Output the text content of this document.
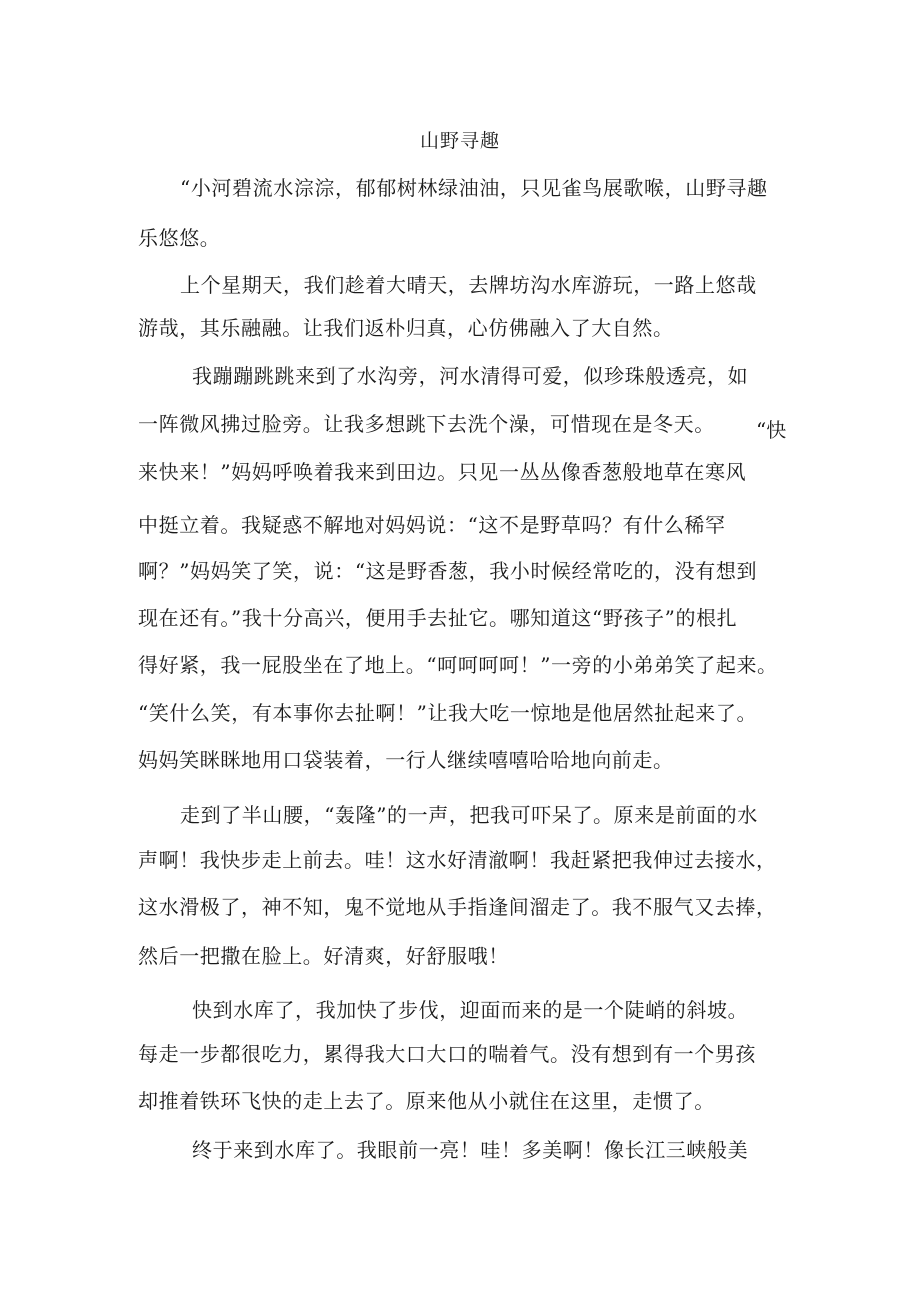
山野寻趣
“小河碧流水淙淙，郁郁树林绿油油，只见雀鸟展歌喉，山野寻趣
乐悠悠。
上个星期天，我们趁着大晴天，去牌坊沟水库游玩，一路上悠哉
游哉，其乐融融。让我们返朴归真，心仿佛融入了大自然。
我蹦蹦跳跳来到了水沟旁，河水清得可爱，似珍珠般透亮，如
一阵微风拂过脸旁。让我多想跳下去洗个澡，可惜现在是冬天。 “快
来快来！”妈妈呼唤着我来到田边。只见一丛丛像香葱般地草在寒风
中挺立着。我疑惑不解地对妈妈说：“这不是野草吗？有什么稀罕
啊？”妈妈笑了笑，说：“这是野香葱，我小时候经常吃的，没有想到
现在还有。”我十分高兴，便用手去扯它。哪知道这“野孩子”的根扎
得好紧，我一屁股坐在了地上。“呵呵呵呵！”一旁的小弟弟笑了起来。
“笑什么笑，有本事你去扯啊！”让我大吃一惊地是他居然扯起来了。
妈妈笑眯眯地用口袋装着，一行人继续嘻嘻哈哈地向前走。
走到了半山腰，“轰隆”的一声，把我可吓呆了。原来是前面的水
声啊！我快步走上前去。哇！这水好清澈啊！我赶紧把我伸过去接水，
这水滑极了，神不知，鬼不觉地从手指逢间溜走了。我不服气又去捧，
然后一把撒在脸上。好清爽，好舒服哦！
快到水库了，我加快了步伐，迎面而来的是一个陡峭的斜坡。
每走一步都很吃力，累得我大口大口的喘着气。没有想到有一个男孩
却推着铁环飞快的走上去了。原来他从小就住在这里，走惯了。
终于来到水库了。我眼前一亮！哇！多美啊！像长江三峡般美
